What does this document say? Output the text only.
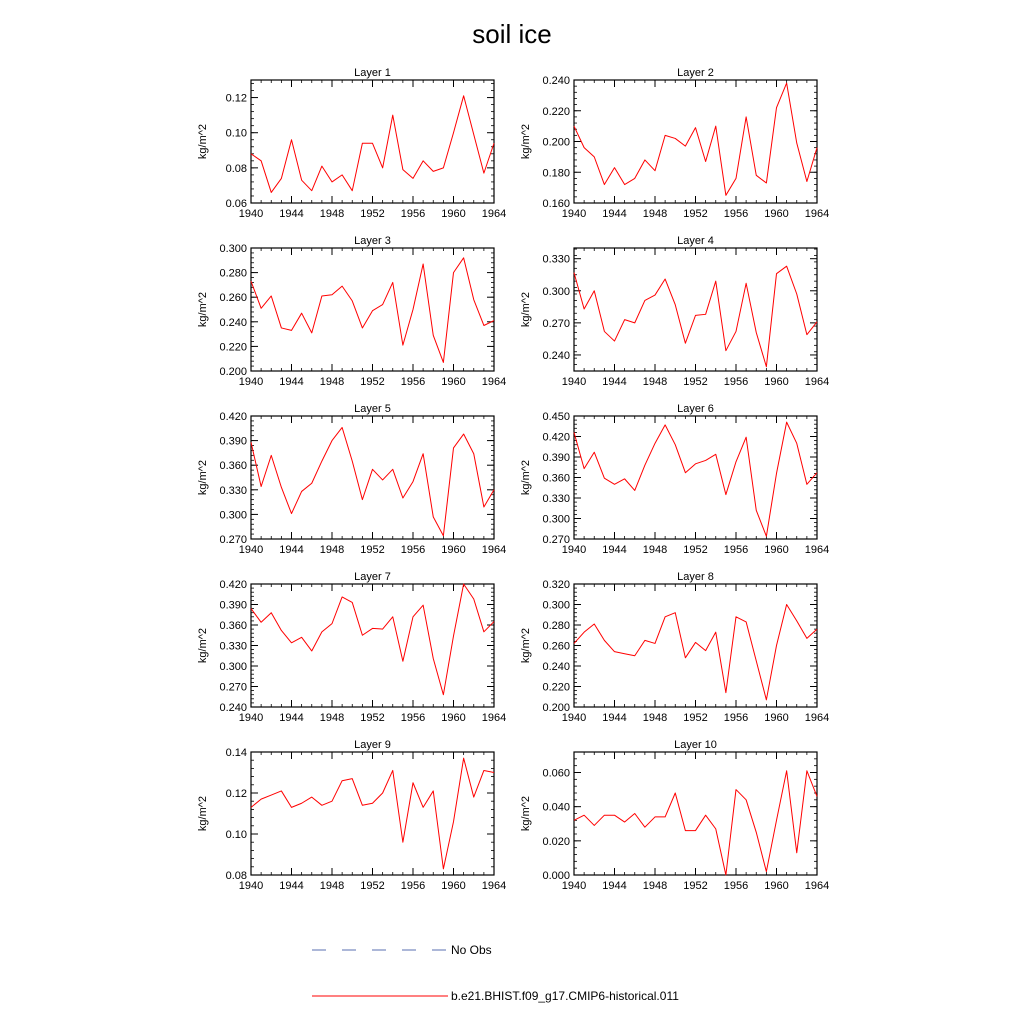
soil ice
Layer 1
kg/m^2
1940 1944 1948 1952 1956 1960 1964
0.06
0.08
0.10
0.12
Layer 2
kg/m^2
1940 1944 1948 1952 1956 1960 1964
0.160
0.180
0.200
0.220
0.240
Layer 3
kg/m^2
1940 1944 1948 1952 1956 1960 1964
0.200
0.220
0.240
0.260
0.280
0.300
Layer 4
kg/m^2
1940 1944 1948 1952 1956 1960 1964
0.240
0.270
0.300
0.330
Layer 5
kg/m^2
1940 1944 1948 1952 1956 1960 1964
0.270
0.300
0.330
0.360
0.390
0.420
Layer 6
kg/m^2
1940 1944 1948 1952 1956 1960 1964
0.270
0.300
0.330
0.360
0.390
0.420
0.450
Layer 7
kg/m^2
1940 1944 1948 1952 1956 1960 1964
0.240
0.270
0.300
0.330
0.360
0.390
0.420
Layer 8
kg/m^2
1940 1944 1948 1952 1956 1960 1964
0.200
0.220
0.240
0.260
0.280
0.300
0.320
Layer 9
kg/m^2
1940 1944 1948 1952 1956 1960 1964
0.08
0.10
0.12
0.14
Layer 10
kg/m^2
1940 1944 1948 1952 1956 1960 1964
0.000
0.020
0.040
0.060
No Obs
b.e21.BHIST.f09_g17.CMIP6-historical.011
